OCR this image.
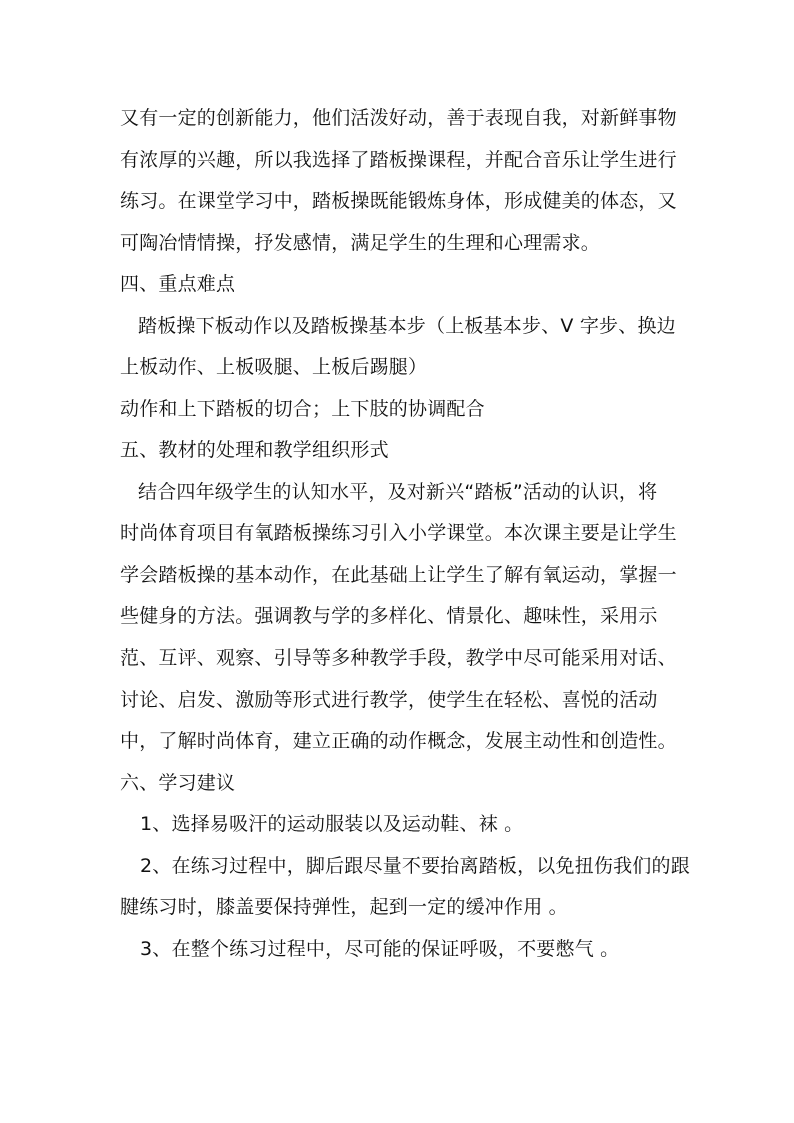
又有一定的创新能力，他们活泼好动，善于表现自我，对新鲜事物
有浓厚的兴趣，所以我选择了踏板操课程，并配合音乐让学生进行
练习。在课堂学习中，踏板操既能锻炼身体，形成健美的体态，又
可陶冶情情操，抒发感情，满足学生的生理和心理需求。
四、重点难点
踏板操下板动作以及踏板操基本步（上板基本步、V 字步、换边
上板动作、上板吸腿、上板后踢腿）
动作和上下踏板的切合；上下肢的协调配合
五、教材的处理和教学组织形式
结合四年级学生的认知水平，及对新兴“踏板”活动的认识，将
时尚体育项目有氧踏板操练习引入小学课堂。本次课主要是让学生
学会踏板操的基本动作，在此基础上让学生了解有氧运动，掌握一
些健身的方法。强调教与学的多样化、情景化、趣味性，采用示
范、互评、观察、引导等多种教学手段，教学中尽可能采用对话、
讨论、启发、激励等形式进行教学，使学生在轻松、喜悦的活动
中，了解时尚体育，建立正确的动作概念，发展主动性和创造性。
六、学习建议
1、选择易吸汗的运动服装以及运动鞋、袜 。
2、在练习过程中，脚后跟尽量不要抬离踏板，以免扭伤我们的跟
腱练习时，膝盖要保持弹性，起到一定的缓冲作用 。
3、在整个练习过程中，尽可能的保证呼吸，不要憋气 。
